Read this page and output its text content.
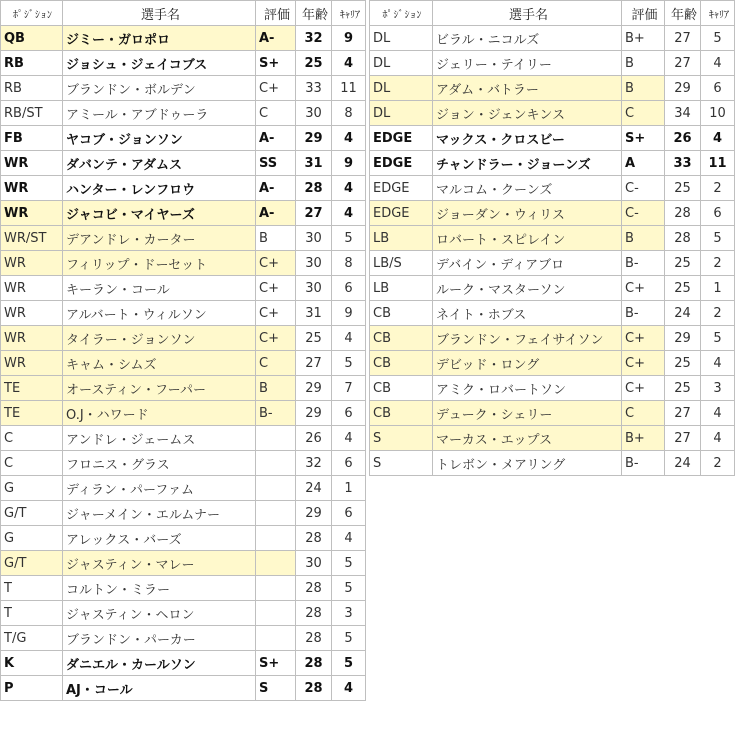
ﾎﾟｼﾞｼｮﾝ	選手名	評価	年齢	ｷｬﾘｱ
QB	ジミー・ガロポロ	A-	32	9
RB	ジョシュ・ジェイコブス	S+	25	4
RB	ブランドン・ボルデン	C+	33	11
RB/ST	アミール・アブドゥーラ	C	30	8
FB	ヤコブ・ジョンソン	A-	29	4
WR	ダバンテ・アダムス	SS	31	9
WR	ハンター・レンフロウ	A-	28	4
WR	ジャコビ・マイヤーズ	A-	27	4
WR/ST	デアンドレ・カーター	B	30	5
WR	フィリップ・ドーセット	C+	30	8
WR	キーラン・コール	C+	30	6
WR	アルバート・ウィルソン	C+	31	9
WR	タイラー・ジョンソン	C+	25	4
WR	キャム・シムズ	C	27	5
TE	オースティン・フーパー	B	29	7
TE	O.J・ハワード	B-	29	6
C	アンドレ・ジェームス		26	4
C	フロニス・グラス		32	6
G	ディラン・パーファム		24	1
G/T	ジャーメイン・エルムナー		29	6
G	アレックス・バーズ		28	4
G/T	ジャスティン・マレー		30	5
T	コルトン・ミラー		28	5
T	ジャスティン・ヘロン		28	3
T/G	ブランドン・パーカー		28	5
K	ダニエル・カールソン	S+	28	5
P	AJ・コール	S	28	4
ﾎﾟｼﾞｼｮﾝ	選手名	評価	年齢	ｷｬﾘｱ
DL	ビラル・ニコルズ	B+	27	5
DL	ジェリー・テイリー	B	27	4
DL	アダム・バトラー	B	29	6
DL	ジョン・ジェンキンス	C	34	10
EDGE	マックス・クロスビー	S+	26	4
EDGE	チャンドラー・ジョーンズ	A	33	11
EDGE	マルコム・クーンズ	C-	25	2
EDGE	ジョーダン・ウィリス	C-	28	6
LB	ロバート・スピレイン	B	28	5
LB/S	デバイン・ディアブロ	B-	25	2
LB	ルーク・マスターソン	C+	25	1
CB	ネイト・ホブス	B-	24	2
CB	ブランドン・フェイサイソン	C+	29	5
CB	デビッド・ロング	C+	25	4
CB	アミク・ロバートソン	C+	25	3
CB	デューク・シェリー	C	27	4
S	マーカス・エップス	B+	27	4
S	トレボン・メアリング	B-	24	2
